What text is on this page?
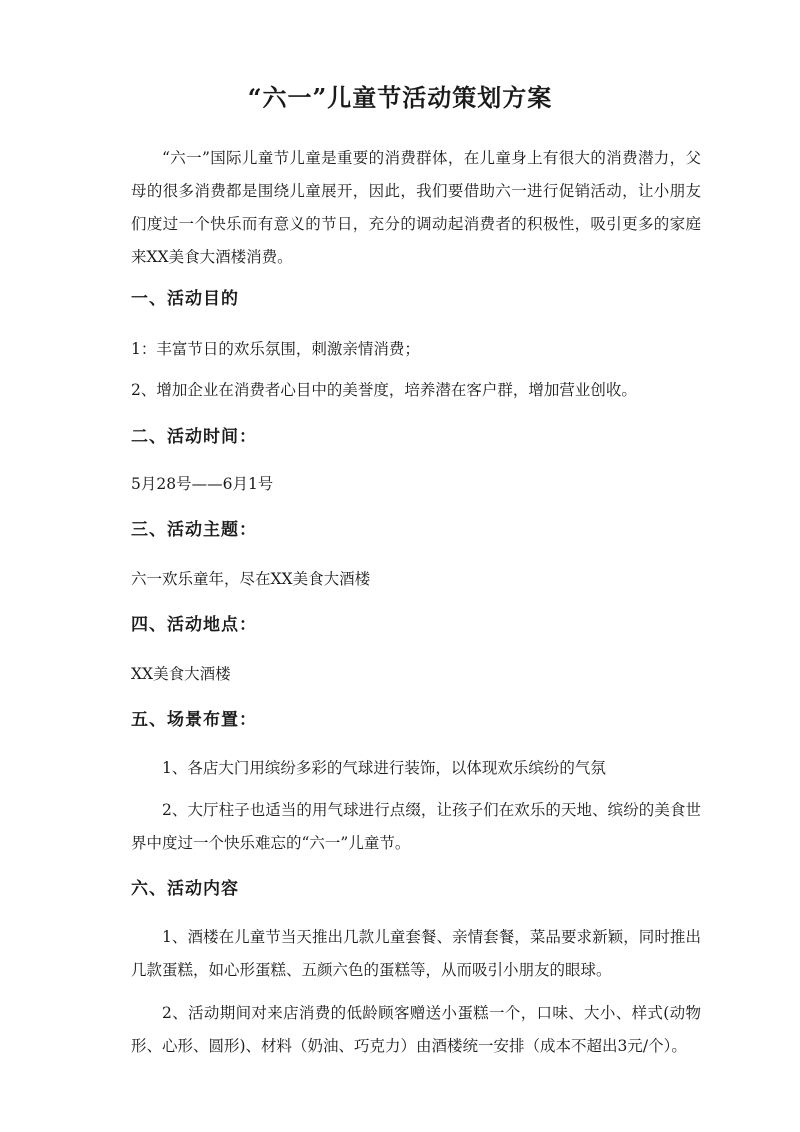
“六一”儿童节活动策划方案

“六一”国际儿童节儿童是重要的消费群体，在儿童身上有很大的消费潜力，父母的很多消费都是围绕儿童展开，因此，我们要借助六一进行促销活动，让小朋友们度过一个快乐而有意义的节日，充分的调动起消费者的积极性，吸引更多的家庭来XX美食大酒楼消费。

一、活动目的

1：丰富节日的欢乐氛围，刺激亲情消费；

2、增加企业在消费者心目中的美誉度，培养潜在客户群，增加营业创收。

二、活动时间：

5月28号——6月1号

三、活动主题：

六一欢乐童年，尽在XX美食大酒楼

四、活动地点：

XX美食大酒楼

五、场景布置：

1、各店大门用缤纷多彩的气球进行装饰，以体现欢乐缤纷的气氛

2、大厅柱子也适当的用气球进行点缀，让孩子们在欢乐的天地、缤纷的美食世界中度过一个快乐难忘的“六一”儿童节。

六、活动内容

1、酒楼在儿童节当天推出几款儿童套餐、亲情套餐，菜品要求新颖，同时推出几款蛋糕，如心形蛋糕、五颜六色的蛋糕等，从而吸引小朋友的眼球。

2、活动期间对来店消费的低龄顾客赠送小蛋糕一个，口味、大小、样式(动物形、心形、圆形)、材料（奶油、巧克力）由酒楼统一安排（成本不超出3元/个）。
